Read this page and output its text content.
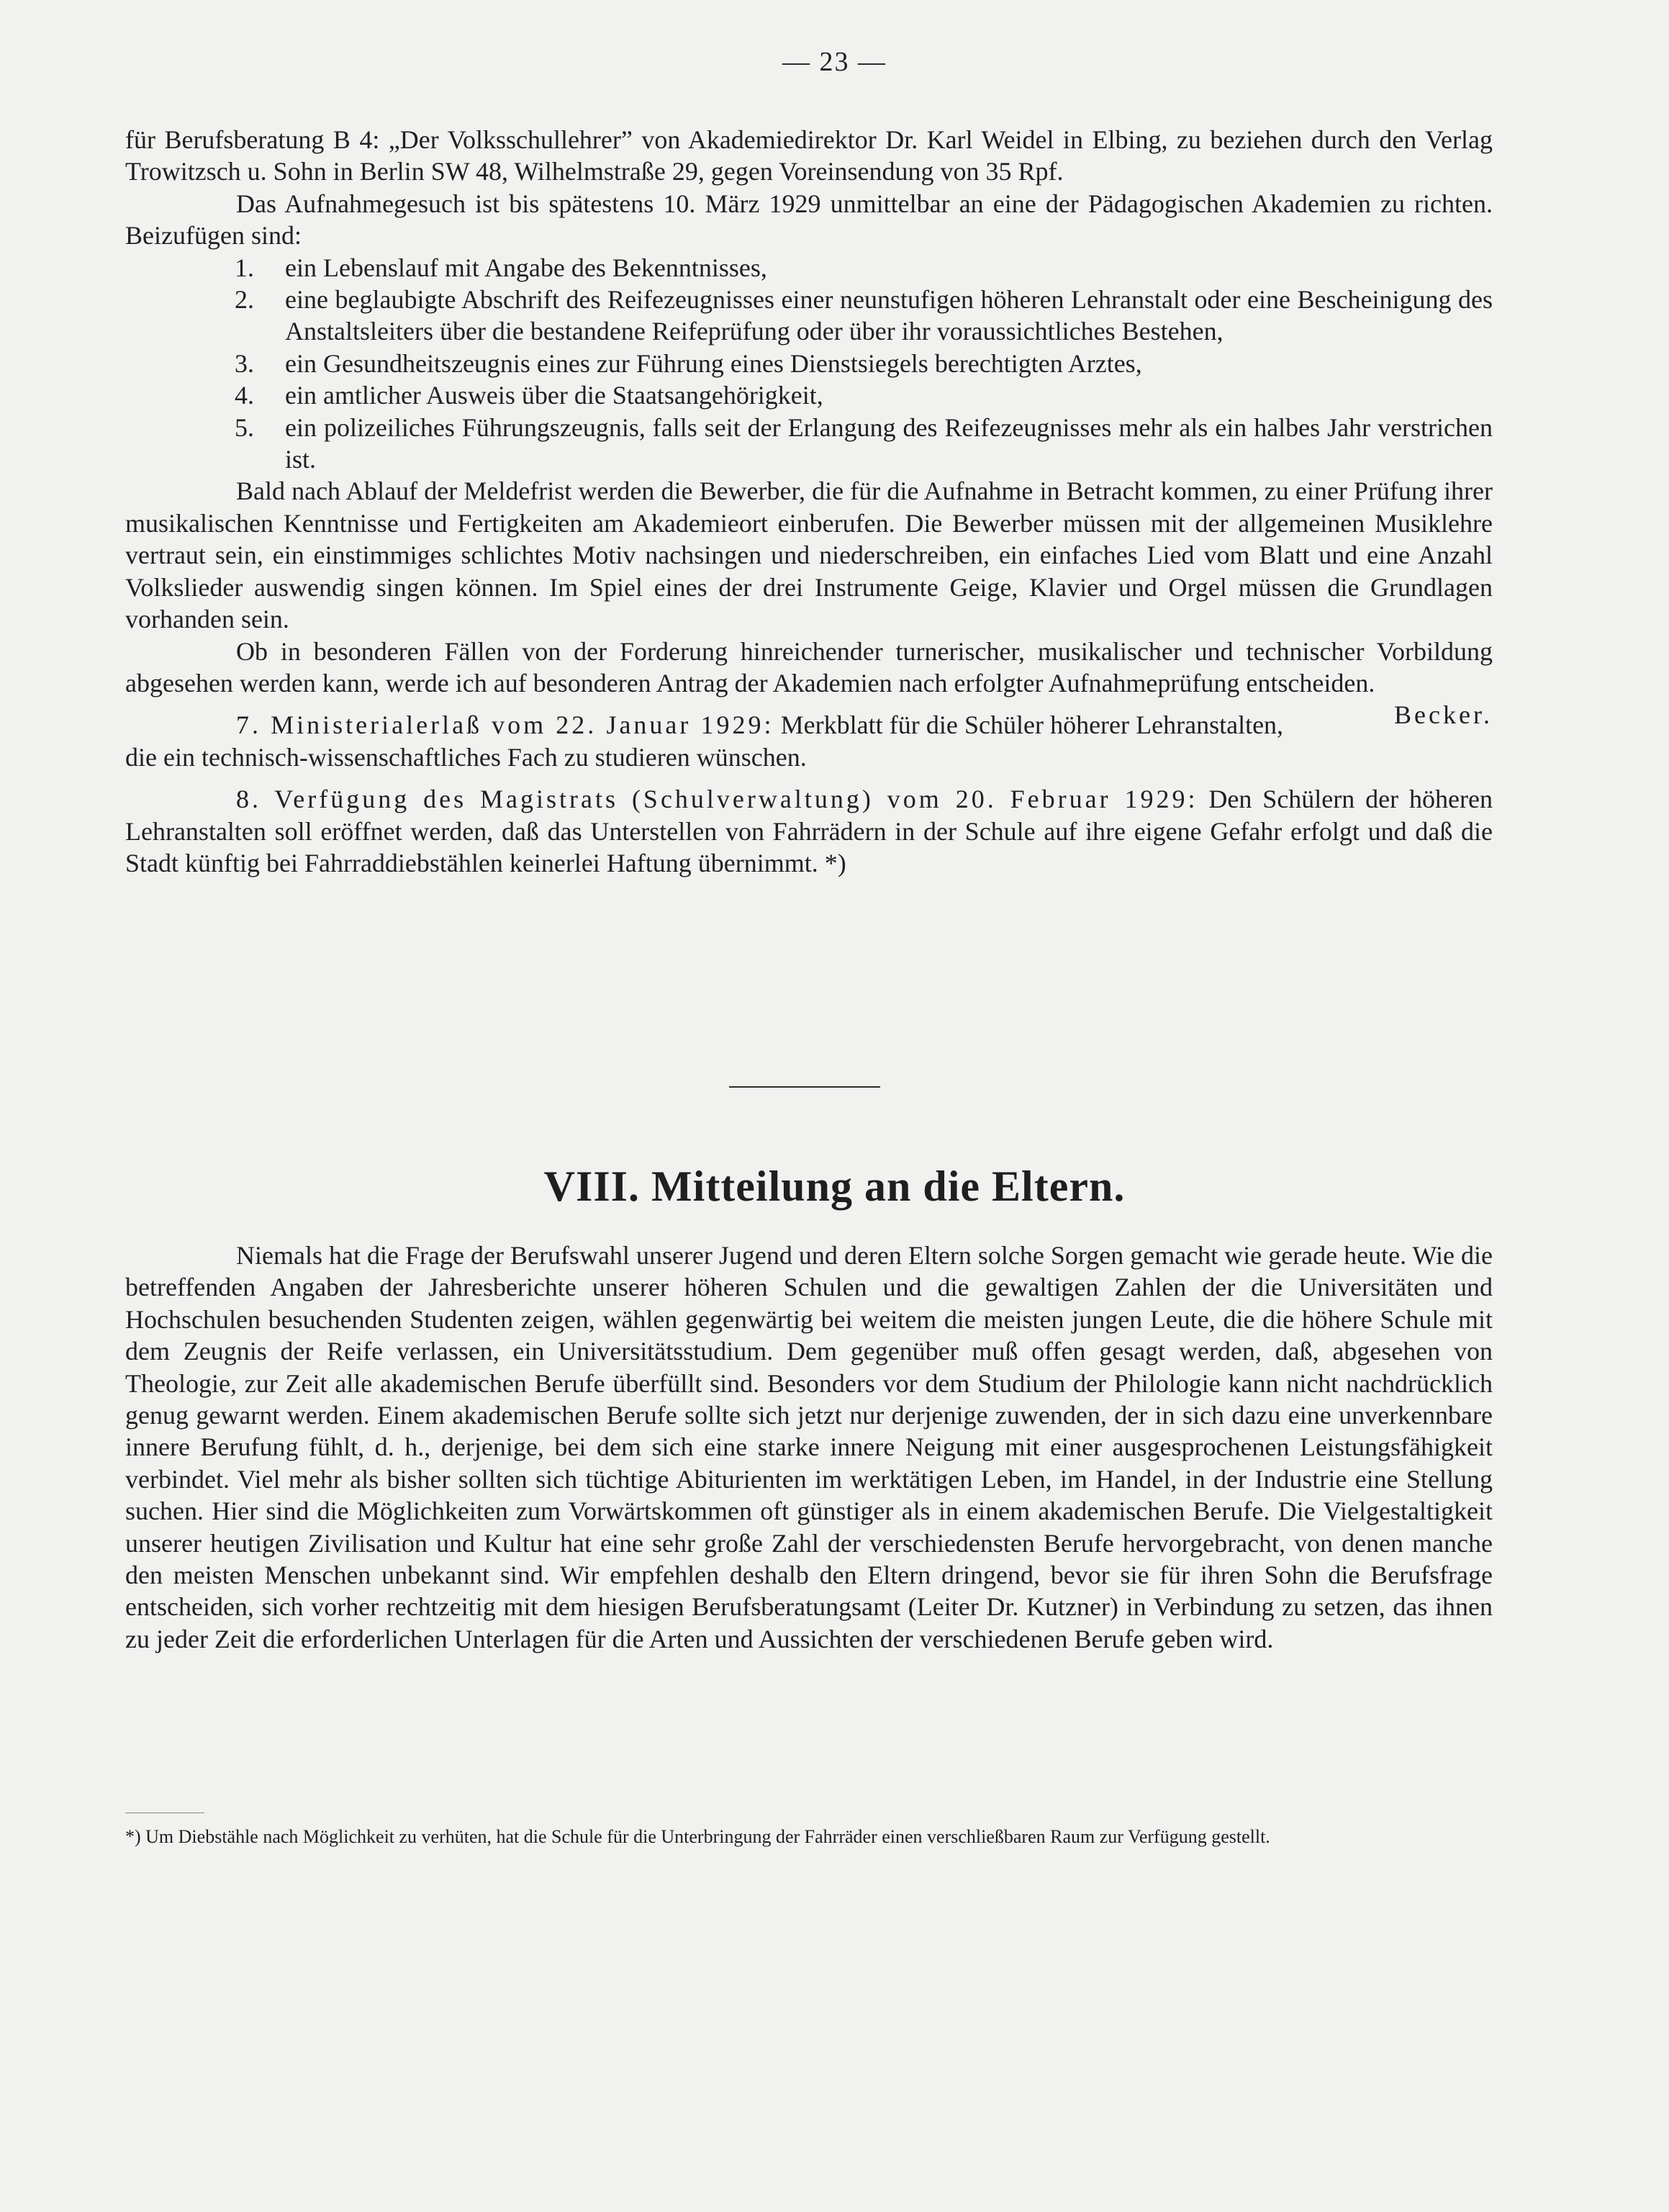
— 23 —

für Berufsberatung B 4: „Der Volksschullehrer” von Akademiedirektor Dr. Karl Weidel in Elbing, zu beziehen durch den Verlag Trowitzsch u. Sohn in Berlin SW 48, Wilhelmstraße 29, gegen Voreinsendung von 35 Rpf.

Das Aufnahmegesuch ist bis spätestens 10. März 1929 unmittelbar an eine der Pädagogischen Akademien zu richten. Beizufügen sind:

1. ein Lebenslauf mit Angabe des Bekenntnisses,
2. eine beglaubigte Abschrift des Reifezeugnisses einer neunstufigen höheren Lehranstalt oder eine Bescheinigung des Anstaltsleiters über die bestandene Reifeprüfung oder über ihr voraussichtliches Bestehen,
3. ein Gesundheitszeugnis eines zur Führung eines Dienstsiegels berechtigten Arztes,
4. ein amtlicher Ausweis über die Staatsangehörigkeit,
5. ein polizeiliches Führungszeugnis, falls seit der Erlangung des Reifezeugnisses mehr als ein halbes Jahr verstrichen ist.

Bald nach Ablauf der Meldefrist werden die Bewerber, die für die Aufnahme in Betracht kommen, zu einer Prüfung ihrer musikalischen Kenntnisse und Fertigkeiten am Akademieort einberufen. Die Bewerber müssen mit der allgemeinen Musiklehre vertraut sein, ein einstimmiges schlichtes Motiv nachsingen und niederschreiben, ein einfaches Lied vom Blatt und eine Anzahl Volkslieder auswendig singen können. Im Spiel eines der drei Instrumente Geige, Klavier und Orgel müssen die Grundlagen vorhanden sein.

Ob in besonderen Fällen von der Forderung hinreichender turnerischer, musikalischer und technischer Vorbildung abgesehen werden kann, werde ich auf besonderen Antrag der Akademien nach erfolgter Aufnahmeprüfung entscheiden.
Becker.

7. Ministerialerlaß vom 22. Januar 1929: Merkblatt für die Schüler höherer Lehranstalten, die ein technisch-wissenschaftliches Fach zu studieren wünschen.

8. Verfügung des Magistrats (Schulverwaltung) vom 20. Februar 1929: Den Schülern der höheren Lehranstalten soll eröffnet werden, daß das Unterstellen von Fahrrädern in der Schule auf ihre eigene Gefahr erfolgt und daß die Stadt künftig bei Fahrraddiebstählen keinerlei Haftung übernimmt. *)

VIII. Mitteilung an die Eltern.

Niemals hat die Frage der Berufswahl unserer Jugend und deren Eltern solche Sorgen gemacht wie gerade heute. Wie die betreffenden Angaben der Jahresberichte unserer höheren Schulen und die gewaltigen Zahlen der die Universitäten und Hochschulen besuchenden Studenten zeigen, wählen gegenwärtig bei weitem die meisten jungen Leute, die die höhere Schule mit dem Zeugnis der Reife verlassen, ein Universitätsstudium. Dem gegenüber muß offen gesagt werden, daß, abgesehen von Theologie, zur Zeit alle akademischen Berufe überfüllt sind. Besonders vor dem Studium der Philologie kann nicht nachdrücklich genug gewarnt werden. Einem akademischen Berufe sollte sich jetzt nur derjenige zuwenden, der in sich dazu eine unverkennbare innere Berufung fühlt, d. h., derjenige, bei dem sich eine starke innere Neigung mit einer ausgesprochenen Leistungsfähigkeit verbindet. Viel mehr als bisher sollten sich tüchtige Abiturienten im werktätigen Leben, im Handel, in der Industrie eine Stellung suchen. Hier sind die Möglichkeiten zum Vorwärtskommen oft günstiger als in einem akademischen Berufe. Die Vielgestaltigkeit unserer heutigen Zivilisation und Kultur hat eine sehr große Zahl der verschiedensten Berufe hervorgebracht, von denen manche den meisten Menschen unbekannt sind. Wir empfehlen deshalb den Eltern dringend, bevor sie für ihren Sohn die Berufsfrage entscheiden, sich vorher rechtzeitig mit dem hiesigen Berufsberatungsamt (Leiter Dr. Kutzner) in Verbindung zu setzen, das ihnen zu jeder Zeit die erforderlichen Unterlagen für die Arten und Aussichten der verschiedenen Berufe geben wird.

*) Um Diebstähle nach Möglichkeit zu verhüten, hat die Schule für die Unterbringung der Fahrräder einen verschließbaren Raum zur Verfügung gestellt.
